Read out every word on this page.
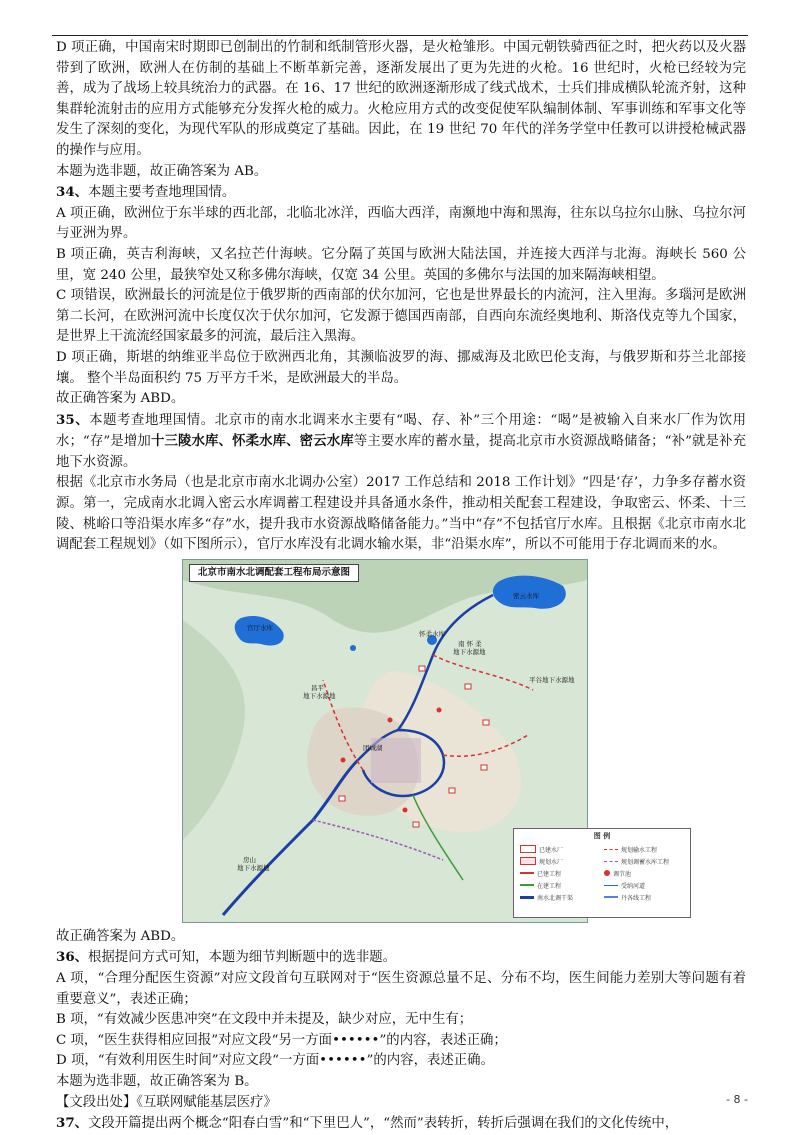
D 项正确，中国南宋时期即已创制出的竹制和纸制管形火器，是火枪雏形。中国元朝铁骑西征之时，把火药以及火器带到了欧洲，欧洲人在仿制的基础上不断革新完善，逐渐发展出了更为先进的火枪。16 世纪时，火枪已经较为完善，成为了战场上较具统治力的武器。在 16、17 世纪的欧洲逐渐形成了线式战术，士兵们排成横队轮流齐射，这种集群轮流射击的应用方式能够充分发挥火枪的威力。火枪应用方式的改变促使军队编制体制、军事训练和军事文化等发生了深刻的变化，为现代军队的形成奠定了基础。因此，在 19 世纪 70 年代的洋务学堂中任教可以讲授枪械武器的操作与应用。

本题为选非题，故正确答案为 AB。

34、本题主要考查地理国情。

A 项正确，欧洲位于东半球的西北部，北临北冰洋，西临大西洋，南濒地中海和黑海，往东以乌拉尔山脉、乌拉尔河与亚洲为界。

B 项正确，英吉利海峡，又名拉芒什海峡。它分隔了英国与欧洲大陆法国，并连接大西洋与北海。海峡长 560 公里，宽 240 公里，最狭窄处又称多佛尔海峡，仅宽 34 公里。英国的多佛尔与法国的加来隔海峡相望。

C 项错误，欧洲最长的河流是位于俄罗斯的西南部的伏尔加河，它也是世界最长的内流河，注入里海。多瑙河是欧洲第二长河，在欧洲河流中长度仅次于伏尔加河，它发源于德国西南部，自西向东流经奥地利、斯洛伐克等九个国家，是世界上干流流经国家最多的河流，最后注入黑海。

D 项正确，斯堪的纳维亚半岛位于欧洲西北角，其濒临波罗的海、挪威海及北欧巴伦支海，与俄罗斯和芬兰北部接壤。 整个半岛面积约 75 万平方千米，是欧洲最大的半岛。

故正确答案为 ABD。

35、本题考查地理国情。北京市的南水北调来水主要有“喝、存、补”三个用途：“喝”是被输入自来水厂作为饮用水；“存”是增加十三陵水库、怀柔水库、密云水库等主要水库的蓄水量，提高北京市水资源战略储备；“补”就是补充地下水资源。

根据《北京市水务局（也是北京市南水北调办公室）2017 工作总结和 2018 工作计划》“四是‘存’，力争多存蓄水资源。第一，完成南水北调入密云水库调蓄工程建设并具备通水条件，推动相关配套工程建设，争取密云、怀柔、十三陵、桃峪口等沿渠水库多“存”水，提升我市水资源战略储备能力。”当中“存”不包括官厅水库。且根据《北京市南水北调配套工程规划》（如下图所示），官厅水库没有北调水输水渠，非“沿渠水库”，所以不可能用于存北调而来的水。

密云水库
官厅水库
怀柔水库
南 怀 柔
地下水源地
平谷地下水源地
昌平
地下水源地
房山
地下水源地
团城湖
北京市南水北调配套工程布局示意图
图 例
已建水厂	规划输水工程
规划水厂	规划调蓄水库工程
已建工程	调节池
在建工程	受纳河道
南水北调干渠	丹各线工程

故正确答案为 ABD。

36、根据提问方式可知，本题为细节判断题中的选非题。

A 项，“合理分配医生资源”对应文段首句互联网对于“医生资源总量不足、分布不均，医生间能力差别大等问题有着重要意义”，表述正确；

B 项，“有效减少医患冲突”在文段中并未提及，缺少对应，无中生有；

C 项，“医生获得相应回报”对应文段“另一方面••••••”的内容，表述正确；

D 项，“有效利用医生时间”对应文段“一方面••••••”的内容，表述正确。

本题为选非题，故正确答案为 B。

【文段出处】《互联网赋能基层医疗》

37、文段开篇提出两个概念“阳春白雪”和“下里巴人”，“然而”表转折，转折后强调在我们的文化传统中，

- 8 -
